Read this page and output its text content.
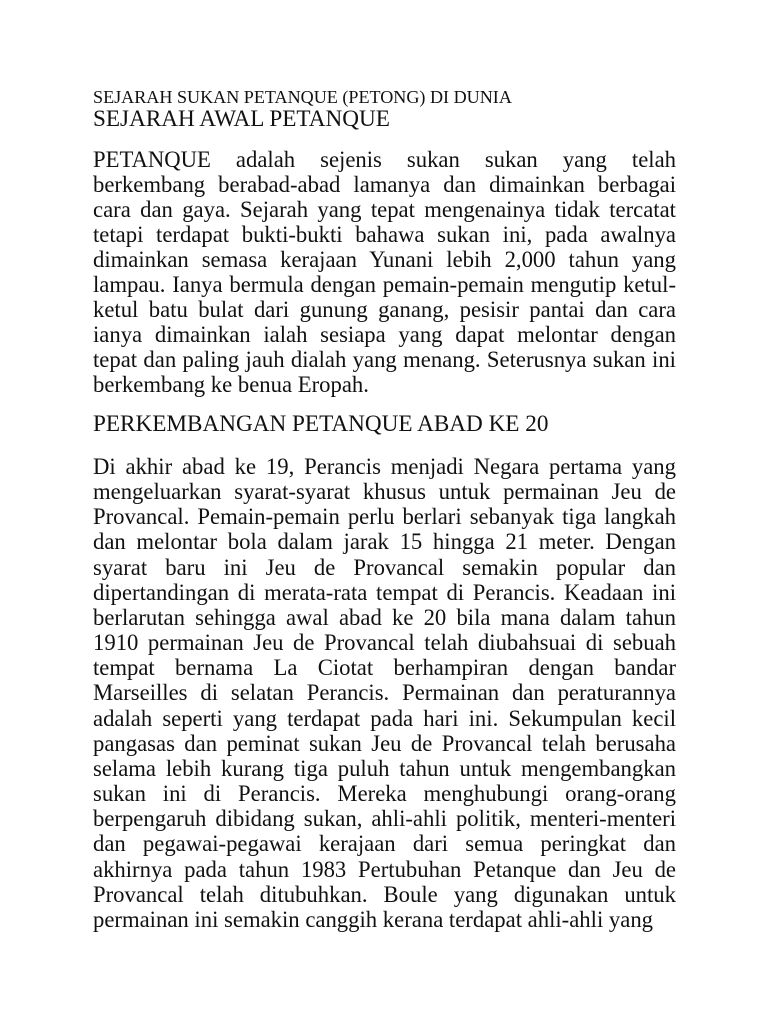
SEJARAH SUKAN PETANQUE (PETONG) DI DUNIA
SEJARAH AWAL PETANQUE
PETANQUE adalah sejenis sukan sukan yang telah
berkembang berabad-abad lamanya dan dimainkan berbagai
cara dan gaya. Sejarah yang tepat mengenainya tidak tercatat
tetapi terdapat bukti-bukti bahawa sukan ini, pada awalnya
dimainkan semasa kerajaan Yunani lebih 2,000 tahun yang
lampau. Ianya bermula dengan pemain-pemain mengutip ketul-
ketul batu bulat dari gunung ganang, pesisir pantai dan cara
ianya dimainkan ialah sesiapa yang dapat melontar dengan
tepat dan paling jauh dialah yang menang. Seterusnya sukan ini
berkembang ke benua Eropah.
PERKEMBANGAN PETANQUE ABAD KE 20
Di akhir abad ke 19, Perancis menjadi Negara pertama yang
mengeluarkan syarat-syarat khusus untuk permainan Jeu de
Provancal. Pemain-pemain perlu berlari sebanyak tiga langkah
dan melontar bola dalam jarak 15 hingga 21 meter. Dengan
syarat baru ini Jeu de Provancal semakin popular dan
dipertandingan di merata-rata tempat di Perancis. Keadaan ini
berlarutan sehingga awal abad ke 20 bila mana dalam tahun
1910 permainan Jeu de Provancal telah diubahsuai di sebuah
tempat bernama La Ciotat berhampiran dengan bandar
Marseilles di selatan Perancis. Permainan dan peraturannya
adalah seperti yang terdapat pada hari ini. Sekumpulan kecil
pangasas dan peminat sukan Jeu de Provancal telah berusaha
selama lebih kurang tiga puluh tahun untuk mengembangkan
sukan ini di Perancis. Mereka menghubungi orang-orang
berpengaruh dibidang sukan, ahli-ahli politik, menteri-menteri
dan pegawai-pegawai kerajaan dari semua peringkat dan
akhirnya pada tahun 1983 Pertubuhan Petanque dan Jeu de
Provancal telah ditubuhkan. Boule yang digunakan untuk
permainan ini semakin canggih kerana terdapat ahli-ahli yang
